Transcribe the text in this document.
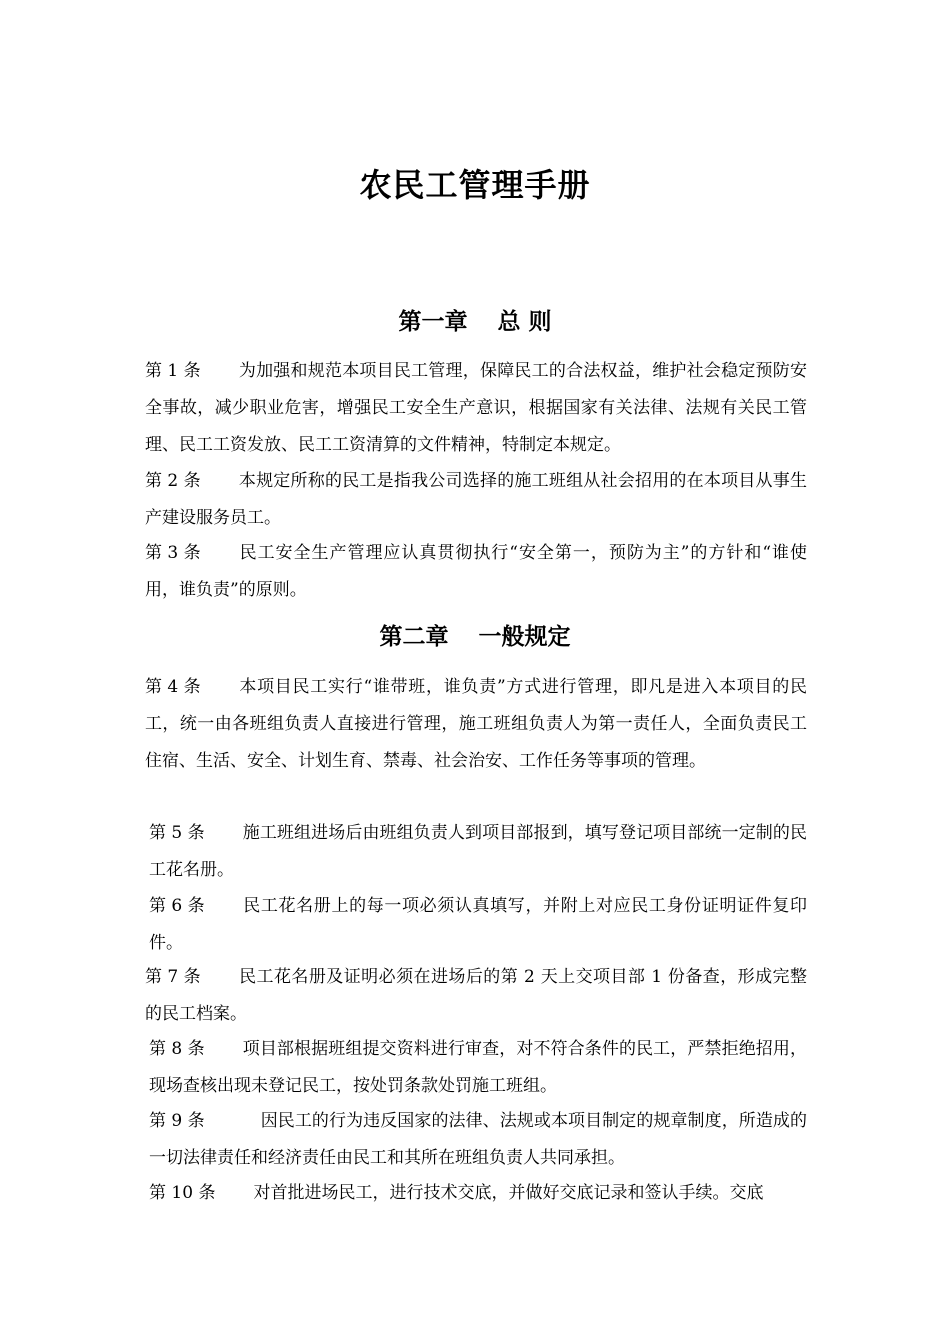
农民工管理手册
第一章 总 则
第 1 条 为加强和规范本项目民工管理，保障民工的合法权益，维护社会稳定预防安全事故，减少职业危害，增强民工安全生产意识，根据国家有关法律、法规有关民工管理、民工工资发放、民工工资清算的文件精神，特制定本规定。
第 2 条 本规定所称的民工是指我公司选择的施工班组从社会招用的在本项目从事生产建设服务员工。
第 3 条 民工安全生产管理应认真贯彻执行“安全第一，预防为主”的方针和“谁使用，谁负责”的原则。
第二章 一般规定
第 4 条 本项目民工实行“谁带班，谁负责”方式进行管理，即凡是进入本项目的民工，统一由各班组负责人直接进行管理，施工班组负责人为第一责任人，全面负责民工住宿、生活、安全、计划生育、禁毒、社会治安、工作任务等事项的管理。
第 5 条 施工班组进场后由班组负责人到项目部报到，填写登记项目部统一定制的民工花名册。
第 6 条 民工花名册上的每一项必须认真填写，并附上对应民工身份证明证件复印件。
第 7 条 民工花名册及证明必须在进场后的第 2 天上交项目部 1 份备查，形成完整的民工档案。
第 8 条 项目部根据班组提交资料进行审查，对不符合条件的民工，严禁拒绝招用，现场查核出现未登记民工，按处罚条款处罚施工班组。
第 9 条	因民工的行为违反国家的法律、法规或本项目制定的规章制度，所造成的一切法律责任和经济责任由民工和其所在班组负责人共同承担。
第 10 条 对首批进场民工，进行技术交底，并做好交底记录和签认手续。交底
